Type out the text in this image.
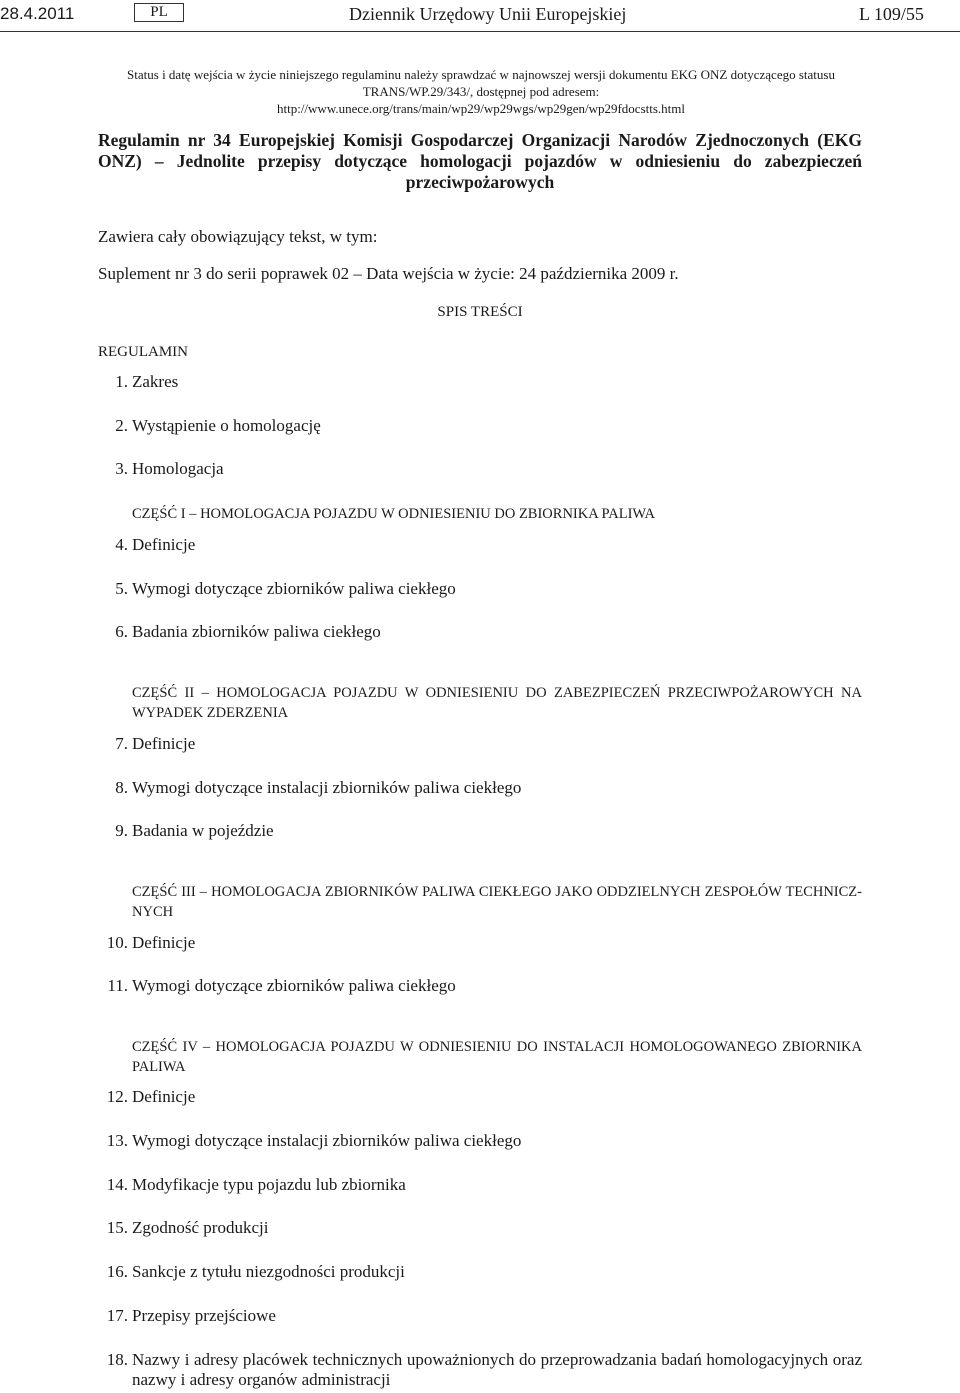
28.4.2011	PL	Dziennik Urzędowy Unii Europejskiej	L 109/55
Status i datę wejścia w życie niniejszego regulaminu należy sprawdzać w najnowszej wersji dokumentu EKG ONZ dotyczącego statusu
TRANS/WP.29/343/, dostępnej pod adresem:
http://www.unece.org/trans/main/wp29/wp29wgs/wp29gen/wp29fdocstts.html
Regulamin nr 34 Europejskiej Komisji Gospodarczej Organizacji Narodów Zjednoczonych (EKG ONZ) – Jednolite przepisy dotyczące homologacji pojazdów w odniesieniu do zabezpieczeń przeciwpożarowych
Zawiera cały obowiązujący tekst, w tym:
Suplement nr 3 do serii poprawek 02 – Data wejścia w życie: 24 października 2009 r.
SPIS TREŚCI
REGULAMIN
1. Zakres
2. Wystąpienie o homologację
3. Homologacja
CZĘŚĆ I – HOMOLOGACJA POJAZDU W ODNIESIENIU DO ZBIORNIKA PALIWA
4. Definicje
5. Wymogi dotyczące zbiorników paliwa ciekłego
6. Badania zbiorników paliwa ciekłego
CZĘŚĆ II – HOMOLOGACJA POJAZDU W ODNIESIENIU DO ZABEZPIECZEŃ PRZECIWPOŻAROWYCH NA WYPADEK ZDERZENIA
7. Definicje
8. Wymogi dotyczące instalacji zbiorników paliwa ciekłego
9. Badania w pojeździe
CZĘŚĆ III – HOMOLOGACJA ZBIORNIKÓW PALIWA CIEKŁEGO JAKO ODDZIELNYCH ZESPOŁÓW TECHNICZ-NYCH
10. Definicje
11. Wymogi dotyczące zbiorników paliwa ciekłego
CZĘŚĆ IV – HOMOLOGACJA POJAZDU W ODNIESIENIU DO INSTALACJI HOMOLOGOWANEGO ZBIORNIKA PALIWA
12. Definicje
13. Wymogi dotyczące instalacji zbiorników paliwa ciekłego
14. Modyfikacje typu pojazdu lub zbiornika
15. Zgodność produkcji
16. Sankcje z tytułu niezgodności produkcji
17. Przepisy przejściowe
18. Nazwy i adresy placówek technicznych upoważnionych do przeprowadzania badań homologacyjnych oraz nazwy i adresy organów administracji
